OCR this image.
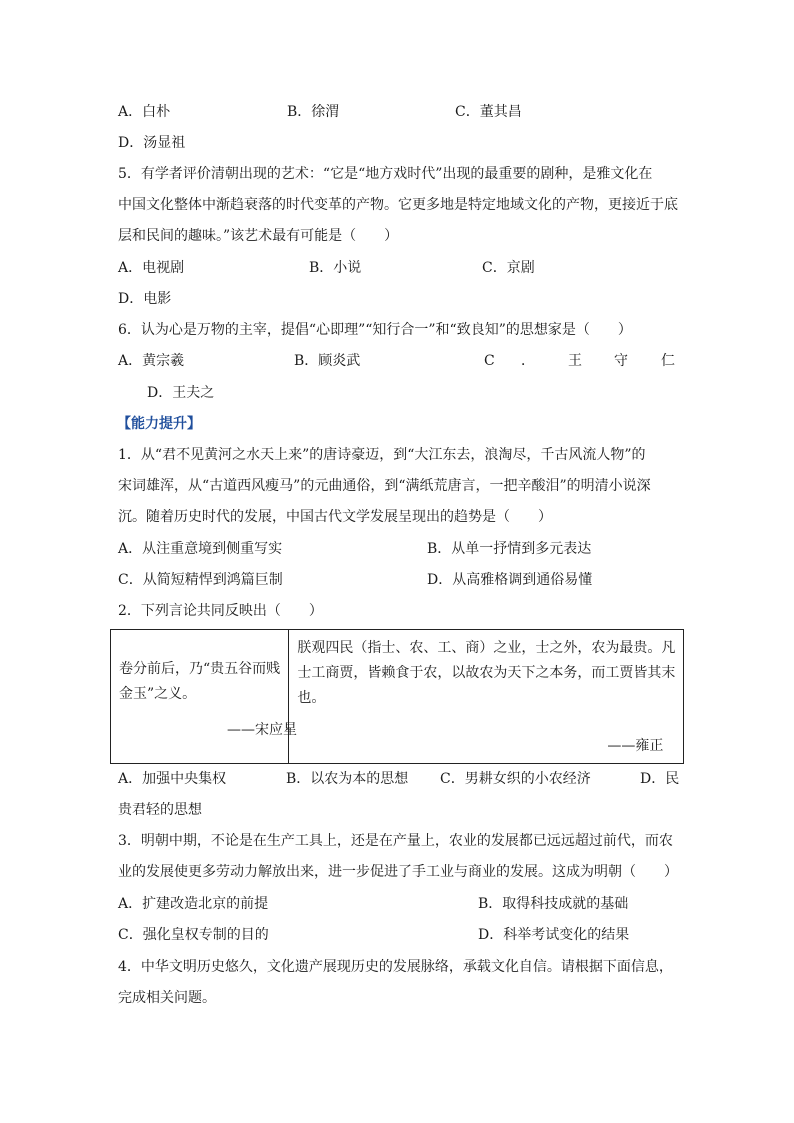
A．白朴	B．徐渭	C．董其昌
D．汤显祖
5．有学者评价清朝出现的艺术：“它是“地方戏时代”出现的最重要的剧种，是雅文化在
中国文化整体中渐趋衰落的时代变革的产物。它更多地是特定地域文化的产物，更接近于底
层和民间的趣味。”该艺术最有可能是（　　）
A．电视剧	B．小说	C．京剧
D．电影
6．认为心是万物的主宰，提倡“心即理”“知行合一”和“致良知”的思想家是（　　）
A．黄宗羲	B．顾炎武	C ． 王 守 仁
D．王夫之
【能力提升】
1．从“君不见黄河之水天上来”的唐诗豪迈，到“大江东去，浪淘尽，千古风流人物”的
宋词雄浑，从“古道西风瘦马”的元曲通俗，到“满纸荒唐言，一把辛酸泪”的明清小说深
沉。随着历史时代的发展，中国古代文学发展呈现出的趋势是（　　）
A．从注重意境到侧重写实	B．从单一抒情到多元表达
C．从简短精悍到鸿篇巨制	D．从高雅格调到通俗易懂
2．下列言论共同反映出（　　）
卷分前后，乃“贵五谷而贱金玉”之义。
——宋应星

朕观四民（指士、农、工、商）之业，士之外，农为最贵。凡士工商贾，皆赖食于农，以故农为天下之本务，而工贾皆其末也。
——雍正
A．加强中央集权	B．以农为本的思想 C．男耕女织的小农经济	D．民
贵君轻的思想
3．明朝中期，不论是在生产工具上，还是在产量上，农业的发展都已远远超过前代，而农
业的发展使更多劳动力解放出来，进一步促进了手工业与商业的发展。这成为明朝（　　）
A．扩建改造北京的前提	B．取得科技成就的基础
C．强化皇权专制的目的	D．科举考试变化的结果
4．中华文明历史悠久，文化遗产展现历史的发展脉络，承载文化自信。请根据下面信息，
完成相关问题。
